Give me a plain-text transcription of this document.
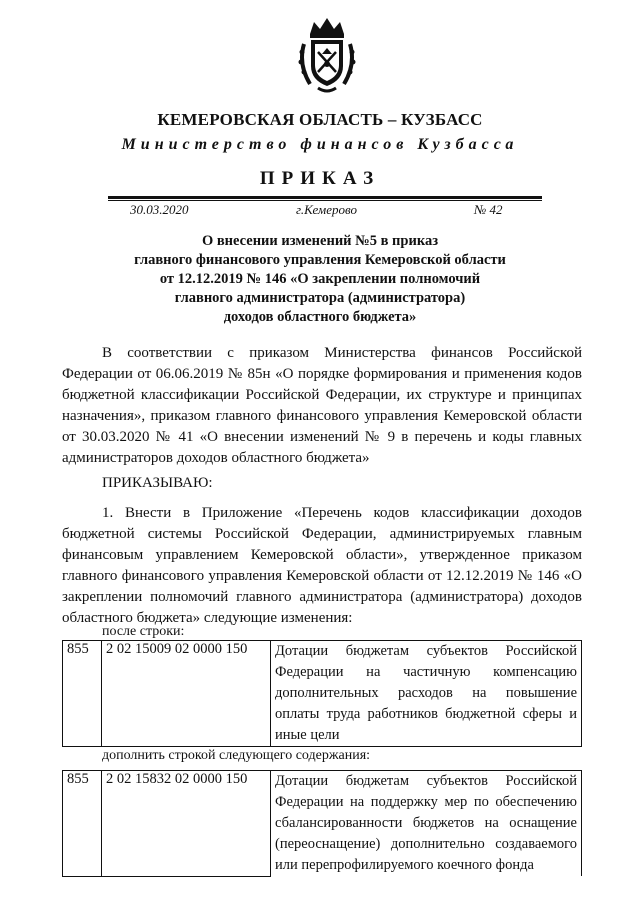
КЕМЕРОВСКАЯ ОБЛАСТЬ – КУЗБАСС
Министерство финансов Кузбасса
ПРИКАЗ
30.03.2020	г.Кемерово	№ 42
О внесении изменений №5 в приказ
главного финансового управления Кемеровской области
от 12.12.2019 № 146 «О закреплении полномочий
главного администратора (администратора)
доходов областного бюджета»
В соответствии с приказом Министерства финансов Российской Федерации от 06.06.2019 № 85н «О порядке формирования и применения кодов бюджетной классификации Российской Федерации, их структуре и принципах назначения», приказом главного финансового управления Кемеровской области от 30.03.2020 № 41 «О внесении изменений № 9 в перечень и коды главных администраторов доходов областного бюджета»
ПРИКАЗЫВАЮ:
1. Внести в Приложение «Перечень кодов классификации доходов бюджетной системы Российской Федерации, администрируемых главным финансовым управлением Кемеровской области», утвержденное приказом главного финансового управления Кемеровской области от 12.12.2019 № 146 «О закреплении полномочий главного администратора (администратора) доходов областного бюджета» следующие изменения:
после строки:
855	2 02 15009 02 0000 150	Дотации бюджетам субъектов Российской Федерации на частичную компенсацию дополнительных расходов на повышение оплаты труда работников бюджетной сферы и иные цели
дополнить строкой следующего содержания:
855	2 02 15832 02 0000 150	Дотации бюджетам субъектов Российской Федерации на поддержку мер по обеспечению сбалансированности бюджетов на оснащение (переоснащение) дополнительно создаваемого или перепрофилируемого коечного фонда
